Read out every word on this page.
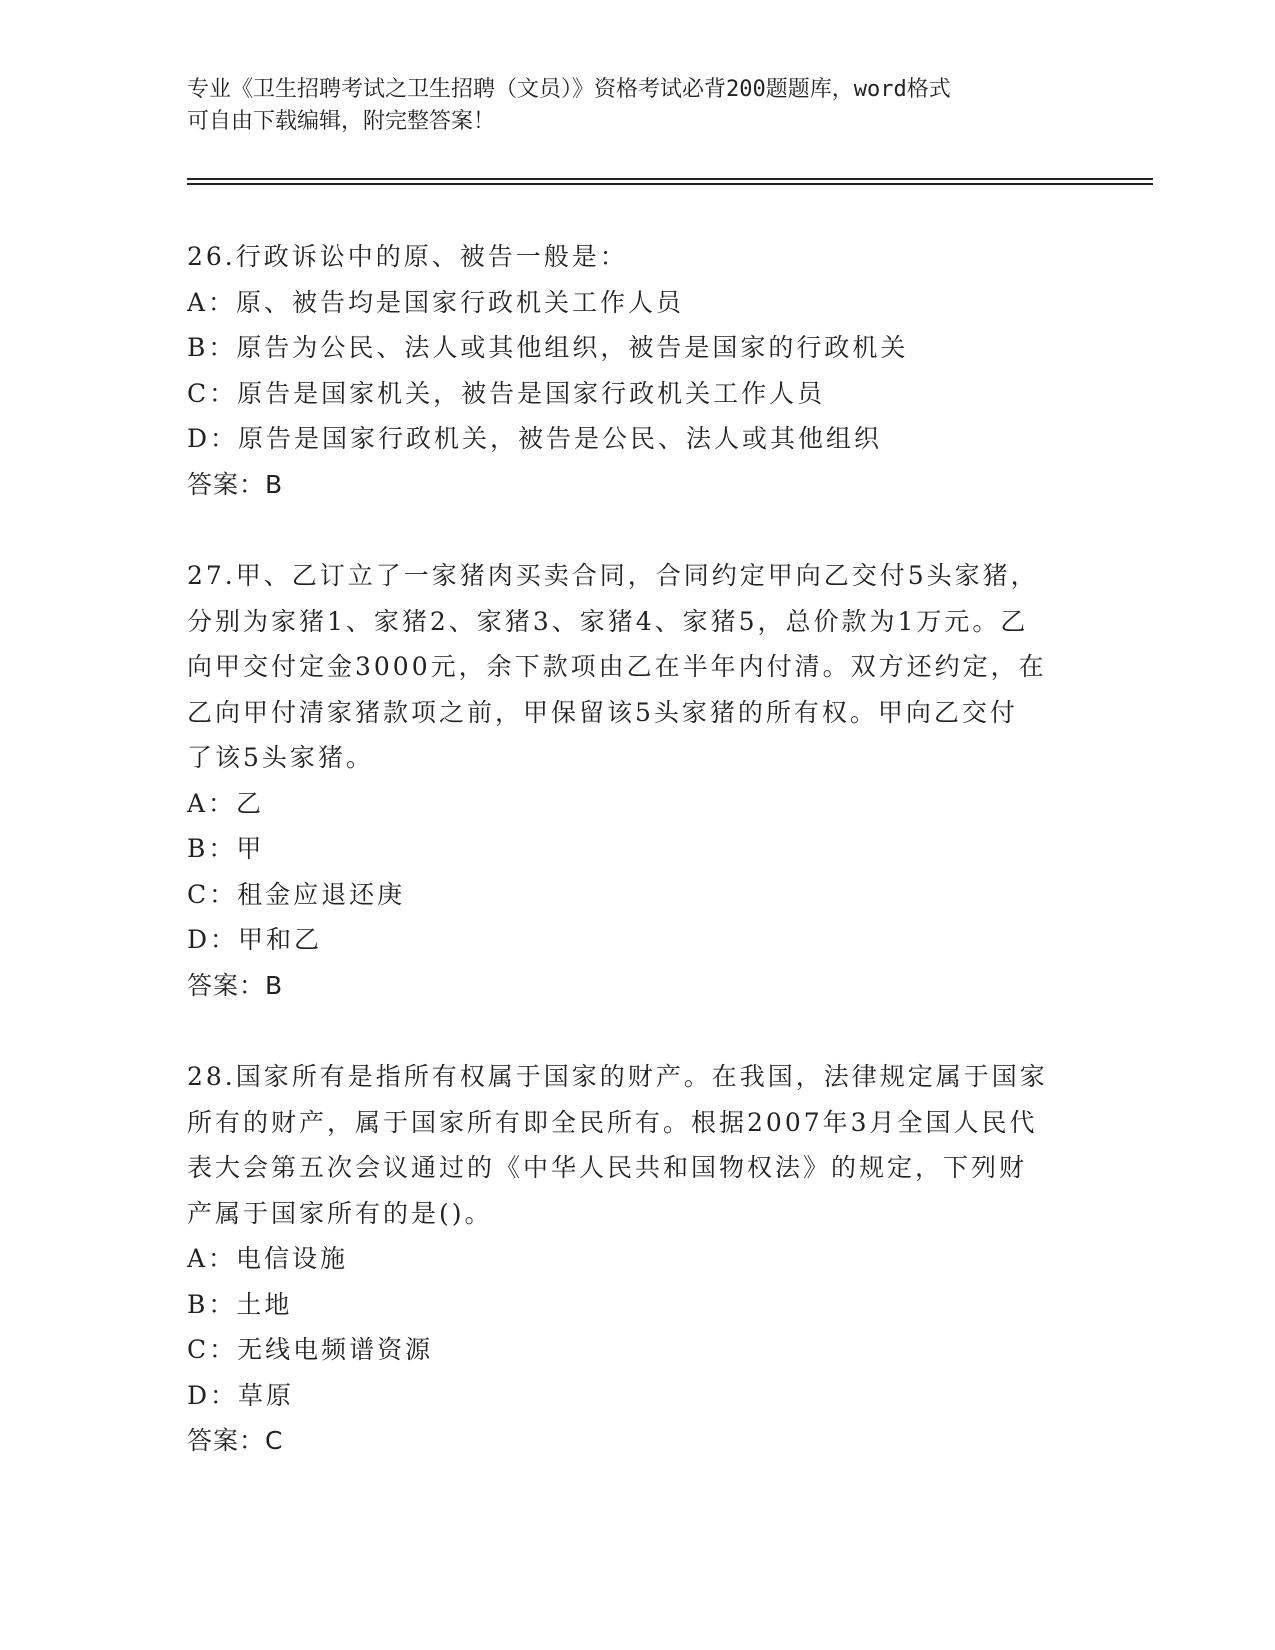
专业《卫生招聘考试之卫生招聘（文员）》资格考试必背200题题库，word格式
可自由下载编辑，附完整答案！
26.行政诉讼中的原、被告一般是：
A：原、被告均是国家行政机关工作人员
B：原告为公民、法人或其他组织，被告是国家的行政机关
C：原告是国家机关，被告是国家行政机关工作人员
D：原告是国家行政机关，被告是公民、法人或其他组织
答案：B
27.甲、乙订立了一家猪肉买卖合同，合同约定甲向乙交付5头家猪，
分别为家猪1、家猪2、家猪3、家猪4、家猪5，总价款为1万元。乙
向甲交付定金3000元，余下款项由乙在半年内付清。双方还约定，在
乙向甲付清家猪款项之前，甲保留该5头家猪的所有权。甲向乙交付
了该5头家猪。
A：乙
B：甲
C：租金应退还庚
D：甲和乙
答案：B
28.国家所有是指所有权属于国家的财产。在我国，法律规定属于国家
所有的财产，属于国家所有即全民所有。根据2007年3月全国人民代
表大会第五次会议通过的《中华人民共和国物权法》的规定，下列财
产属于国家所有的是()。
A：电信设施
B：土地
C：无线电频谱资源
D：草原
答案：C
